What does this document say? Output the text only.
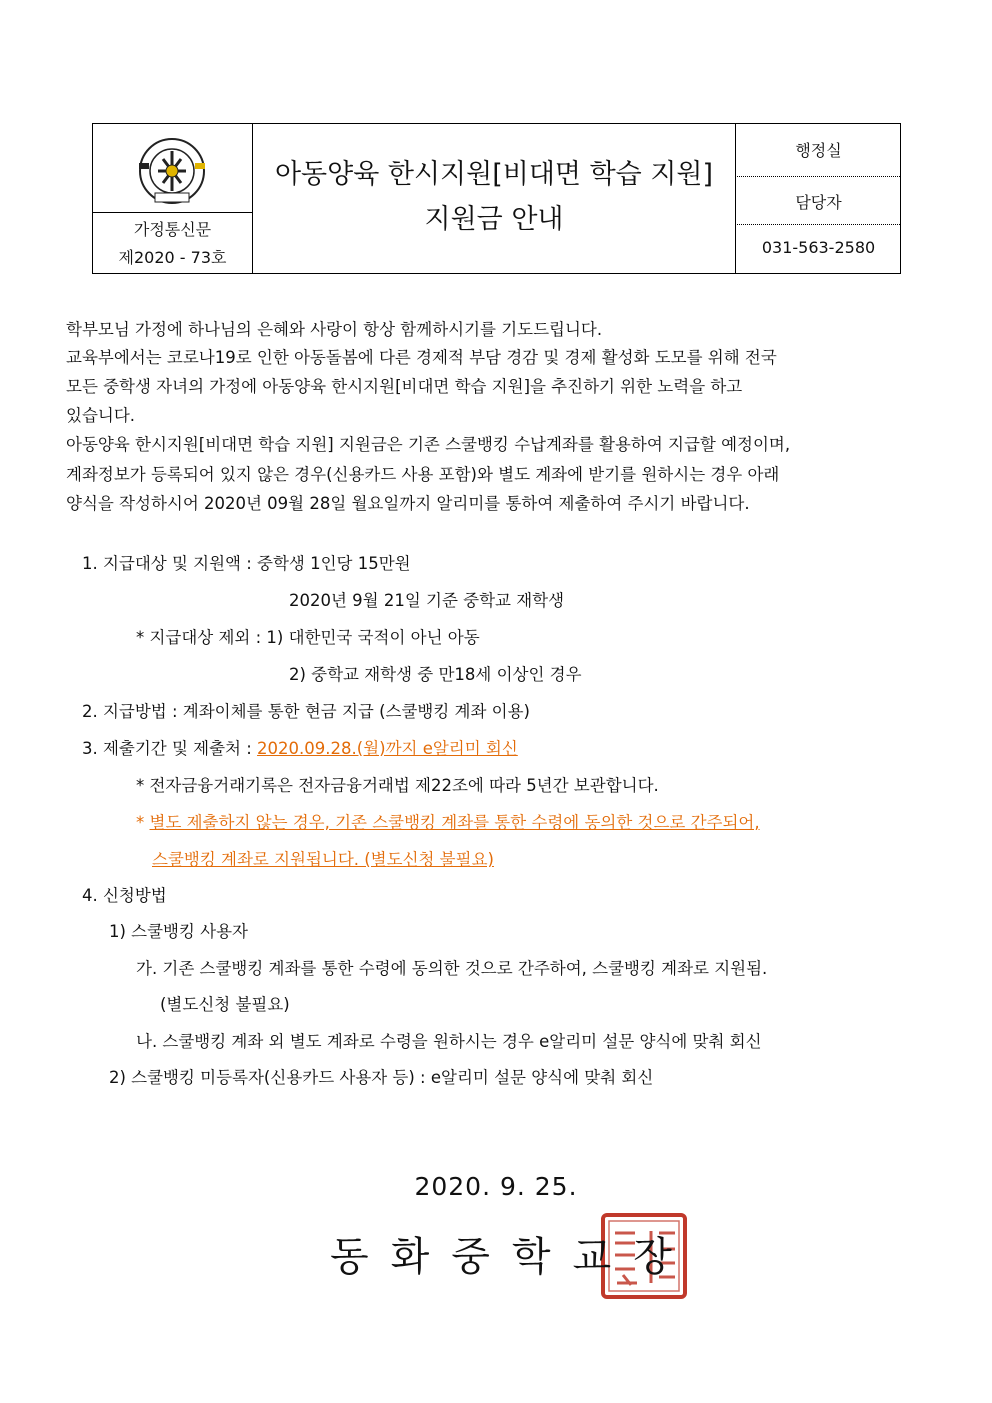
가정통신문
제2020 - 73호
아동양육 한시지원[비대면 학습 지원]
지원금 안내
행정실
담당자
031-563-2580
학부모님 가정에 하나님의 은혜와 사랑이 항상 함께하시기를 기도드립니다.
교육부에서는 코로나19로 인한 아동돌봄에 다른 경제적 부담 경감 및 경제 활성화 도모를 위해 전국
모든 중학생 자녀의 가정에 아동양육 한시지원[비대면 학습 지원]을 추진하기 위한 노력을 하고
있습니다.
아동양육 한시지원[비대면 학습 지원] 지원금은 기존 스쿨뱅킹 수납계좌를 활용하여 지급할 예정이며,
계좌정보가 등록되어 있지 않은 경우(신용카드 사용 포함)와 별도 계좌에 받기를 원하시는 경우 아래
양식을 작성하시어 2020년 09월 28일 월요일까지 알리미를 통하여 제출하여 주시기 바랍니다.
1. 지급대상 및 지원액 : 중학생 1인당 15만원
2020년 9월 21일 기준 중학교 재학생
* 지급대상 제외 : 1) 대한민국 국적이 아닌 아동
2) 중학교 재학생 중 만18세 이상인 경우
2. 지급방법 : 계좌이체를 통한 현금 지급 (스쿨뱅킹 계좌 이용)
3. 제출기간 및 제출처 : 2020.09.28.(월)까지 e알리미 회신
* 전자금융거래기록은 전자금융거래법 제22조에 따라 5년간 보관합니다.
* 별도 제출하지 않는 경우, 기존 스쿨뱅킹 계좌를 통한 수령에 동의한 것으로 간주되어,
스쿨뱅킹 계좌로 지원됩니다. (별도신청 불필요)
4. 신청방법
1) 스쿨뱅킹 사용자
가. 기존 스쿨뱅킹 계좌를 통한 수령에 동의한 것으로 간주하여, 스쿨뱅킹 계좌로 지원됨.
(별도신청 불필요)
나. 스쿨뱅킹 계좌 외 별도 계좌로 수령을 원하시는 경우 e알리미 설문 양식에 맞춰 회신
2) 스쿨뱅킹 미등록자(신용카드 사용자 등) : e알리미 설문 양식에 맞춰 회신
2020. 9. 25.
동화중학교장
